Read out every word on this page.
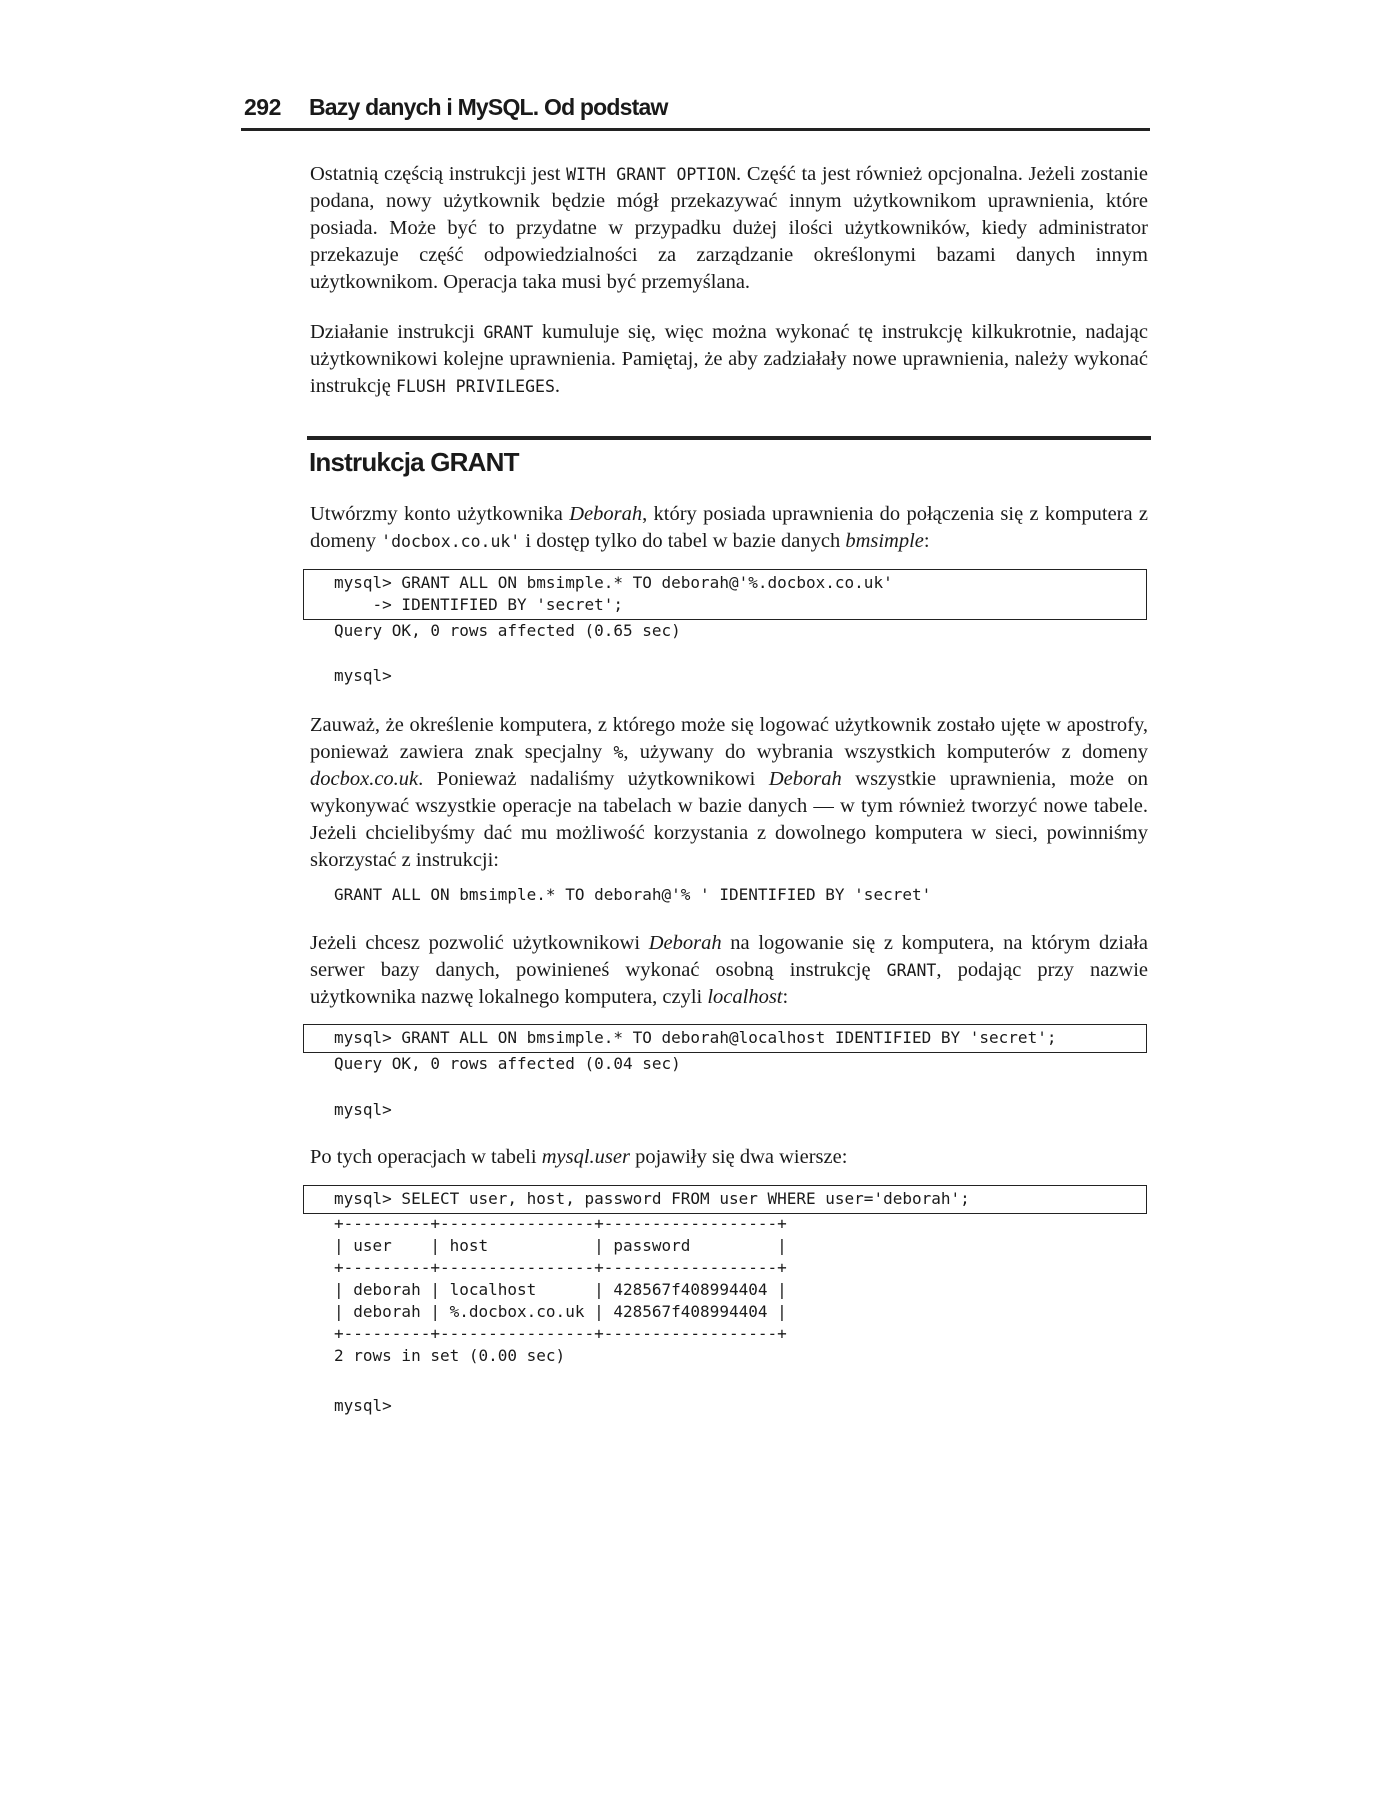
292 Bazy danych i MySQL. Od podstaw
Ostatnią częścią instrukcji jest WITH GRANT OPTION. Część ta jest również opcjonalna. Jeżeli zostanie podana, nowy użytkownik będzie mógł przekazywać innym użytkownikom uprawnienia, które posiada. Może być to przydatne w przypadku dużej ilości użytkowników, kiedy administrator przekazuje część odpowiedzialności za zarządzanie określonymi bazami danych innym użytkownikom. Operacja taka musi być przemyślana.
Działanie instrukcji GRANT kumuluje się, więc można wykonać tę instrukcję kilkukrotnie, nadając użytkownikowi kolejne uprawnienia. Pamiętaj, że aby zadziałały nowe uprawnienia, należy wykonać instrukcję FLUSH PRIVILEGES.
Instrukcja GRANT
Utwórzmy konto użytkownika Deborah, który posiada uprawnienia do połączenia się z komputera z domeny 'docbox.co.uk' i dostęp tylko do tabel w bazie danych bmsimple:
mysql> GRANT ALL ON bmsimple.* TO deborah@'%.docbox.co.uk'
-> IDENTIFIED BY 'secret';
Query OK, 0 rows affected (0.65 sec)
mysql>
Zauważ, że określenie komputera, z którego może się logować użytkownik zostało ujęte w apostrofy, ponieważ zawiera znak specjalny %, używany do wybrania wszystkich komputerów z domeny docbox.co.uk. Ponieważ nadaliśmy użytkownikowi Deborah wszystkie uprawnienia, może on wykonywać wszystkie operacje na tabelach w bazie danych — w tym również tworzyć nowe tabele. Jeżeli chcielibyśmy dać mu możliwość korzystania z dowolnego komputera w sieci, powinniśmy skorzystać z instrukcji:
GRANT ALL ON bmsimple.* TO deborah@'% ' IDENTIFIED BY 'secret'
Jeżeli chcesz pozwolić użytkownikowi Deborah na logowanie się z komputera, na którym działa serwer bazy danych, powinieneś wykonać osobną instrukcję GRANT, podając przy nazwie użytkownika nazwę lokalnego komputera, czyli localhost:
mysql> GRANT ALL ON bmsimple.* TO deborah@localhost IDENTIFIED BY 'secret';
Query OK, 0 rows affected (0.04 sec)
mysql>
Po tych operacjach w tabeli mysql.user pojawiły się dwa wiersze:
mysql> SELECT user, host, password FROM user WHERE user='deborah';
+---------+----------------+------------------+
| user    | host           | password         |
+---------+----------------+------------------+
| deborah | localhost      | 428567f408994404 |
| deborah | %.docbox.co.uk | 428567f408994404 |
+---------+----------------+------------------+
2 rows in set (0.00 sec)
mysql>
